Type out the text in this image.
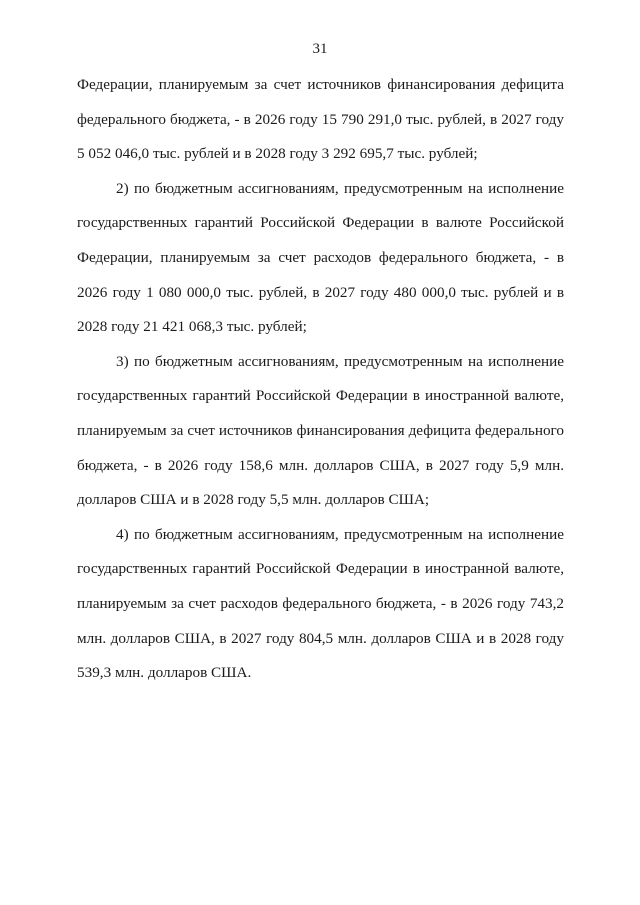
31
Федерации, планируемым за счет источников финансирования дефицита
федерального бюджета, - в 2026 году 15 790 291,0 тыс. рублей, в 2027 году
5 052 046,0 тыс. рублей и в 2028 году 3 292 695,7 тыс. рублей;
2) по бюджетным ассигнованиям, предусмотренным на исполнение
государственных гарантий Российской Федерации в валюте Российской
Федерации, планируемым за счет расходов федерального бюджета, - в
2026 году 1 080 000,0 тыс. рублей, в 2027 году 480 000,0 тыс. рублей и в
2028 году 21 421 068,3 тыс. рублей;
3) по бюджетным ассигнованиям, предусмотренным на исполнение
государственных гарантий Российской Федерации в иностранной валюте,
планируемым за счет источников финансирования дефицита федерального
бюджета, - в 2026 году 158,6 млн. долларов США, в 2027 году 5,9 млн.
долларов США и в 2028 году 5,5 млн. долларов США;
4) по бюджетным ассигнованиям, предусмотренным на исполнение
государственных гарантий Российской Федерации в иностранной валюте,
планируемым за счет расходов федерального бюджета, - в 2026 году 743,2
млн. долларов США, в 2027 году 804,5 млн. долларов США и в 2028 году
539,3 млн. долларов США.
